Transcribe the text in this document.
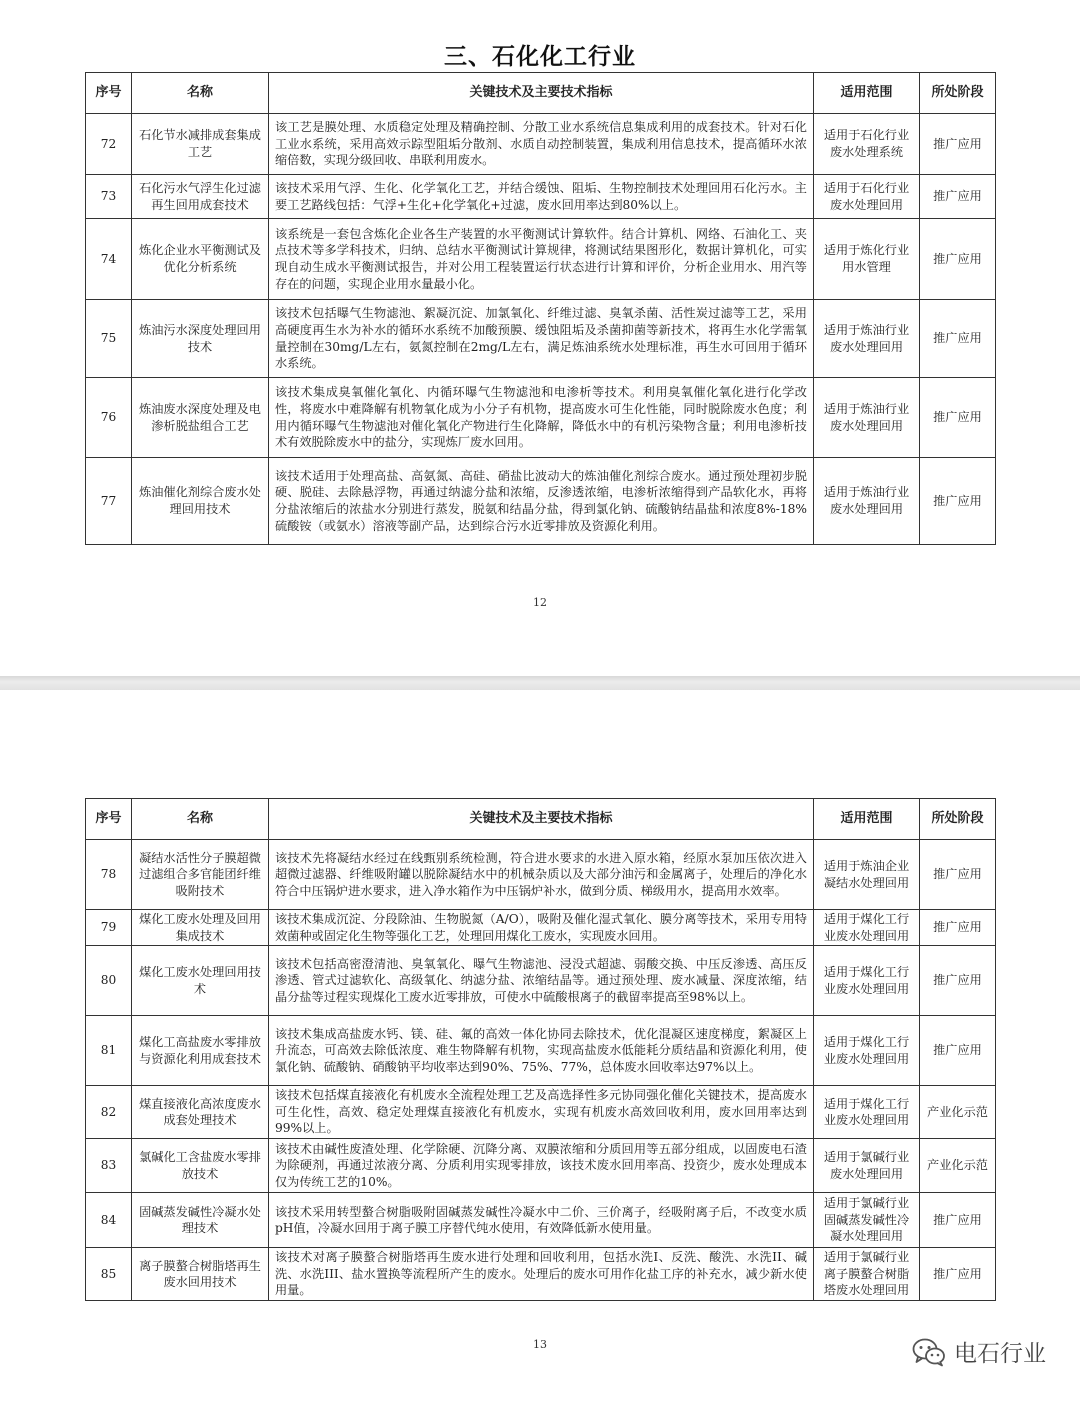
三、石化化工行业
序号	名称	关键技术及主要技术指标	适用范围	所处阶段
72	石化节水减排成套集成工艺	该工艺是膜处理、水质稳定处理及精确控制、分散工业水系统信息集成利用的成套技术。针对石化工业水系统，采用高效示踪型阻垢分散剂、水质自动控制装置，集成利用信息技术，提高循环水浓缩倍数，实现分级回收、串联利用废水。	适用于石化行业废水处理系统	推广应用
73	石化污水气浮生化过滤再生回用成套技术	该技术采用气浮、生化、化学氧化工艺，并结合缓蚀、阻垢、生物控制技术处理回用石化污水。主要工艺路线包括：气浮+生化+化学氧化+过滤，废水回用率达到80%以上。	适用于石化行业废水处理回用	推广应用
74	炼化企业水平衡测试及优化分析系统	该系统是一套包含炼化企业各生产装置的水平衡测试计算软件。结合计算机、网络、石油化工、夹点技术等多学科技术，归纳、总结水平衡测试计算规律，将测试结果图形化，数据计算机化，可实现自动生成水平衡测试报告，并对公用工程装置运行状态进行计算和评价，分析企业用水、用汽等存在的问题，实现企业用水量最小化。	适用于炼化行业用水管理	推广应用
75	炼油污水深度处理回用技术	该技术包括曝气生物滤池、絮凝沉淀、加氯氧化、纤维过滤、臭氧杀菌、活性炭过滤等工艺，采用高硬度再生水为补水的循环水系统不加酸预膜、缓蚀阻垢及杀菌抑菌等新技术，将再生水化学需氧量控制在30mg/L左右，氨氮控制在2mg/L左右，满足炼油系统水处理标准，再生水可回用于循环水系统。	适用于炼油行业废水处理回用	推广应用
76	炼油废水深度处理及电渗析脱盐组合工艺	该技术集成臭氧催化氧化、内循环曝气生物滤池和电渗析等技术。利用臭氧催化氧化进行化学改性，将废水中难降解有机物氧化成为小分子有机物，提高废水可生化性能，同时脱除废水色度；利用内循环曝气生物滤池对催化氧化产物进行生化降解，降低水中的有机污染物含量；利用电渗析技术有效脱除废水中的盐分，实现炼厂废水回用。	适用于炼油行业废水处理回用	推广应用
77	炼油催化剂综合废水处理回用技术	该技术适用于处理高盐、高氨氮、高硅、硝盐比波动大的炼油催化剂综合废水。通过预处理初步脱硬、脱硅、去除悬浮物，再通过纳滤分盐和浓缩，反渗透浓缩，电渗析浓缩得到产品软化水，再将分盐浓缩后的浓盐水分别进行蒸发，脱氨和结晶分盐，得到氯化钠、硫酸钠结晶盐和浓度8%-18%硫酸铵（或氨水）溶液等副产品，达到综合污水近零排放及资源化利用。	适用于炼油行业废水处理回用	推广应用
12
序号	名称	关键技术及主要技术指标	适用范围	所处阶段
78	凝结水活性分子膜超微过滤组合多官能团纤维吸附技术	该技术先将凝结水经过在线甄别系统检测，符合进水要求的水进入原水箱，经原水泵加压依次进入超微过滤器、纤维吸附罐以脱除凝结水中的机械杂质以及大部分油污和金属离子，处理后的净化水符合中压锅炉进水要求，进入净水箱作为中压锅炉补水，做到分质、梯级用水，提高用水效率。	适用于炼油企业凝结水处理回用	推广应用
79	煤化工废水处理及回用集成技术	该技术集成沉淀、分段除油、生物脱氮（A/O），吸附及催化湿式氧化、膜分离等技术，采用专用特效菌种或固定化生物等强化工艺，处理回用煤化工废水，实现废水回用。	适用于煤化工行业废水处理回用	推广应用
80	煤化工废水处理回用技术	该技术包括高密澄清池、臭氧氧化、曝气生物滤池、浸没式超滤、弱酸交换、中压反渗透、高压反渗透、管式过滤软化、高级氧化、纳滤分盐、浓缩结晶等。通过预处理、废水减量、深度浓缩，结晶分盐等过程实现煤化工废水近零排放，可使水中硫酸根离子的截留率提高至98%以上。	适用于煤化工行业废水处理回用	推广应用
81	煤化工高盐废水零排放与资源化利用成套技术	该技术集成高盐废水钙、镁、硅、氟的高效一体化协同去除技术，优化混凝区速度梯度，絮凝区上升流态，可高效去除低浓度、难生物降解有机物，实现高盐废水低能耗分质结晶和资源化利用，使氯化钠、硫酸钠、硝酸钠平均收率达到90%、75%、77%，总体废水回收率达97%以上。	适用于煤化工行业废水处理回用	推广应用
82	煤直接液化高浓度废水成套处理技术	该技术包括煤直接液化有机废水全流程处理工艺及高选择性多元协同强化催化关键技术，提高废水可生化性，高效、稳定处理煤直接液化有机废水，实现有机废水高效回收利用，废水回用率达到99%以上。	适用于煤化工行业废水处理回用	产业化示范
83	氯碱化工含盐废水零排放技术	该技术由碱性废渣处理、化学除硬、沉降分离、双膜浓缩和分质回用等五部分组成，以固废电石渣为除硬剂，再通过浓液分离、分质利用实现零排放，该技术废水回用率高、投资少，废水处理成本仅为传统工艺的10%。	适用于氯碱行业废水处理回用	产业化示范
84	固碱蒸发碱性冷凝水处理技术	该技术采用转型螯合树脂吸附固碱蒸发碱性冷凝水中二价、三价离子，经吸附离子后，不改变水质pH值，冷凝水回用于离子膜工序替代纯水使用，有效降低新水使用量。	适用于氯碱行业固碱蒸发碱性冷凝水处理回用	推广应用
85	离子膜螯合树脂塔再生废水回用技术	该技术对离子膜螯合树脂塔再生废水进行处理和回收利用，包括水洗I、反洗、酸洗、水洗II、碱洗、水洗III、盐水置换等流程所产生的废水。处理后的废水可用作化盐工序的补充水，减少新水使用量。	适用于氯碱行业离子膜螯合树脂塔废水处理回用	推广应用
13	电石行业
